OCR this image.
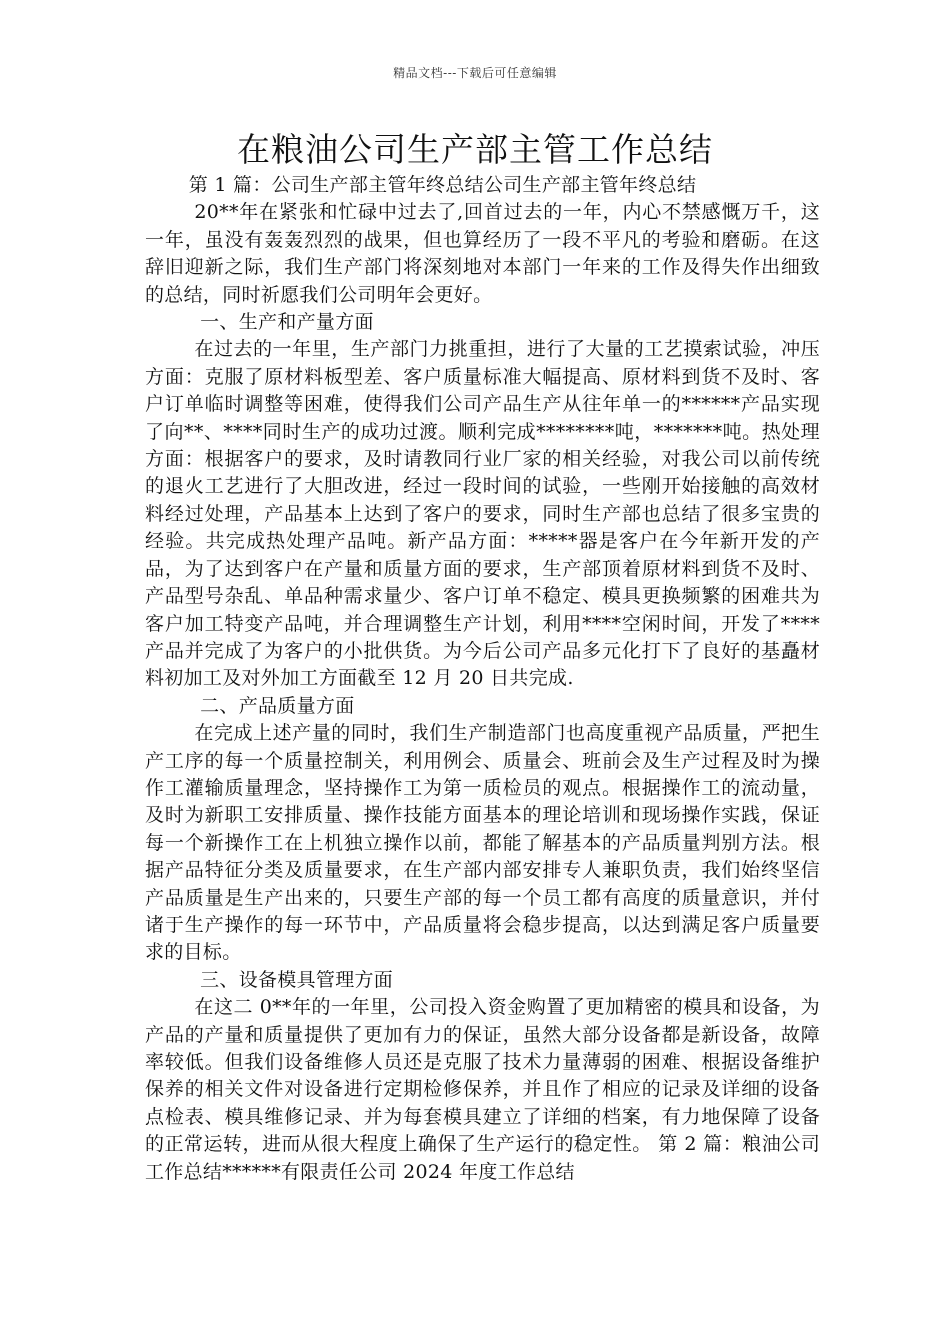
精品文档---下载后可任意编辑
在粮油公司生产部主管工作总结

第 1 篇：公司生产部主管年终总结公司生产部主管年终总结

20**年在紧张和忙碌中过去了,回首过去的一年，内心不禁感慨万千，这一年，虽没有轰轰烈烈的战果，但也算经历了一段不平凡的考验和磨砺。在这辞旧迎新之际，我们生产部门将深刻地对本部门一年来的工作及得失作出细致的总结，同时祈愿我们公司明年会更好。

一、生产和产量方面

在过去的一年里，生产部门力挑重担，进行了大量的工艺摸索试验，冲压方面：克服了原材料板型差、客户质量标准大幅提高、原材料到货不及时、客户订单临时调整等困难，使得我们公司产品生产从往年单一的******产品实现了向**、****同时生产的成功过渡。顺利完成********吨，*******吨。热处理方面：根据客户的要求，及时请教同行业厂家的相关经验，对我公司以前传统的退火工艺进行了大胆改进，经过一段时间的试验，一些刚开始接触的高效材料经过处理，产品基本上达到了客户的要求，同时生产部也总结了很多宝贵的经验。共完成热处理产品吨。新产品方面：*****器是客户在今年新开发的产品，为了达到客户在产量和质量方面的要求，生产部顶着原材料到货不及时、产品型号杂乱、单品种需求量少、客户订单不稳定、模具更换频繁的困难共为客户加工特变产品吨，并合理调整生产计划，利用****空闲时间，开发了****产品并完成了为客户的小批供货。为今后公司产品多元化打下了良好的基矗材料初加工及对外加工方面截至 12 月 20 日共完成.

二、产品质量方面

在完成上述产量的同时，我们生产制造部门也高度重视产品质量，严把生产工序的每一个质量控制关，利用例会、质量会、班前会及生产过程及时为操作工灌输质量理念，坚持操作工为第一质检员的观点。根据操作工的流动量，及时为新职工安排质量、操作技能方面基本的理论培训和现场操作实践，保证每一个新操作工在上机独立操作以前，都能了解基本的产品质量判别方法。根据产品特征分类及质量要求，在生产部内部安排专人兼职负责，我们始终坚信产品质量是生产出来的，只要生产部的每一个员工都有高度的质量意识，并付诸于生产操作的每一环节中，产品质量将会稳步提高，以达到满足客户质量要求的目标。

三、设备模具管理方面

在这二 0**年的一年里，公司投入资金购置了更加精密的模具和设备，为产品的产量和质量提供了更加有力的保证，虽然大部分设备都是新设备，故障率较低。但我们设备维修人员还是克服了技术力量薄弱的困难、根据设备维护保养的相关文件对设备进行定期检修保养，并且作了相应的记录及详细的设备点检表、模具维修记录、并为每套模具建立了详细的档案，有力地保障了设备的正常运转，进而从很大程度上确保了生产运行的稳定性。 第 2 篇：粮油公司工作总结******有限责任公司 2024 年度工作总结
